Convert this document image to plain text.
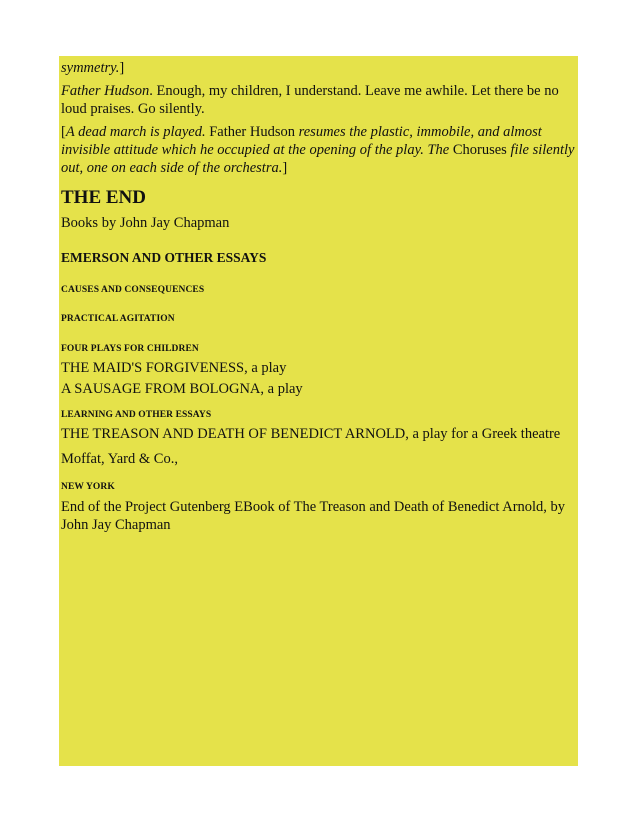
symmetry.]

Father Hudson. Enough, my children, I understand. Leave me awhile. Let there be no loud praises. Go silently.

[A dead march is played. Father Hudson resumes the plastic, immobile, and almost invisible attitude which he occupied at the opening of the play. The Choruses file silently out, one on each side of the orchestra.]

THE END

Books by John Jay Chapman

EMERSON AND OTHER ESSAYS

CAUSES AND CONSEQUENCES

PRACTICAL AGITATION

FOUR PLAYS FOR CHILDREN

THE MAID'S FORGIVENESS, a play

A SAUSAGE FROM BOLOGNA, a play

LEARNING AND OTHER ESSAYS

THE TREASON AND DEATH OF BENEDICT ARNOLD, a play for a Greek theatre

Moffat, Yard & Co.,

NEW YORK

End of the Project Gutenberg EBook of The Treason and Death of Benedict Arnold, by John Jay Chapman
